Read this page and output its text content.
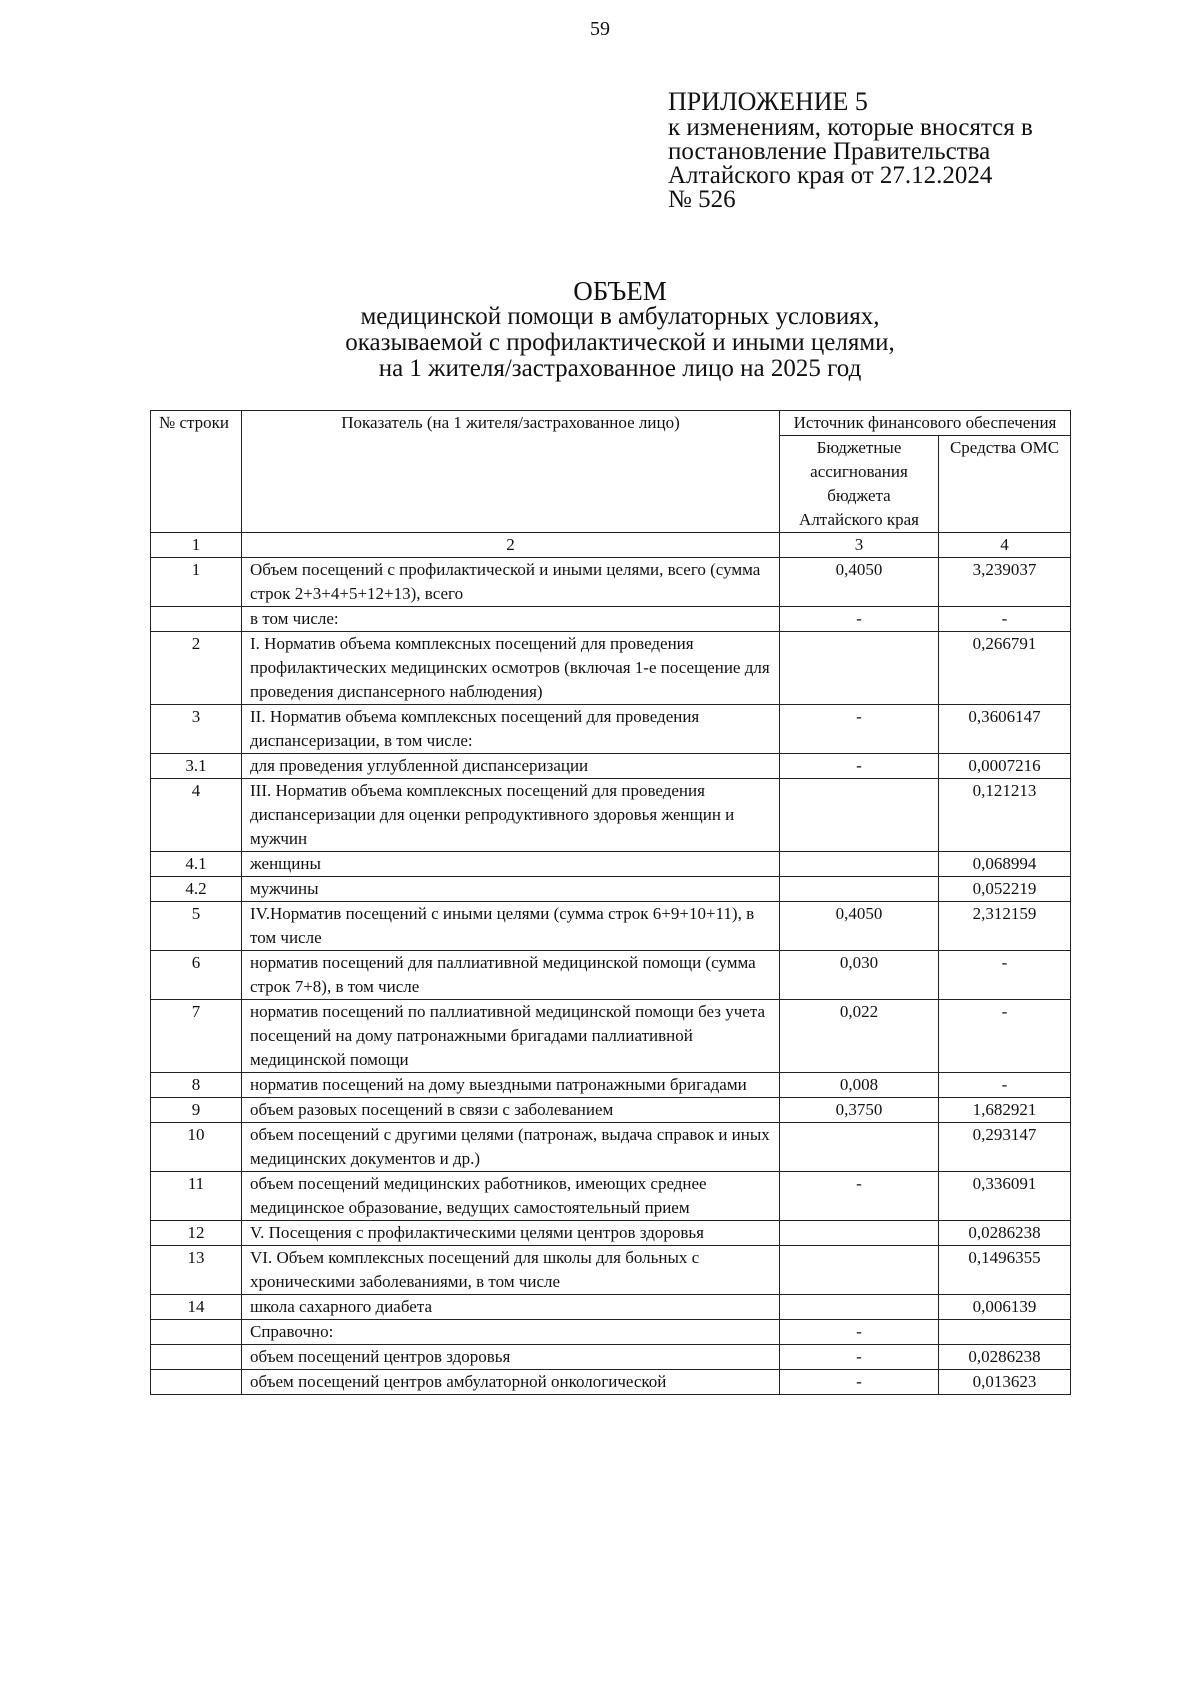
59
ПРИЛОЖЕНИЕ 5
к изменениям, которые вносятся в
постановление Правительства
Алтайского края от 27.12.2024
№ 526
ОБЪЕМ
медицинской помощи в амбулаторных условиях,
оказываемой с профилактической и иными целями,
на 1 жителя/застрахованное лицо на 2025 год
№ строки	Показатель (на 1 жителя/застрахованное лицо)	Источник финансового обеспечения	
		Бюджетные ассигнования бюджета Алтайского края	Средства ОМС
1	2	3	4
1	Объем посещений с профилактической и иными целями, всего (сумма строк 2+3+4+5+12+13), всего	0,4050	3,239037
	в том числе:	-	-
2	I. Норматив объема комплексных посещений для проведения профилактических медицинских осмотров (включая 1-е посещение для проведения диспансерного наблюдения)		0,266791
3	II. Норматив объема комплексных посещений для проведения диспансеризации, в том числе:	-	0,3606147
3.1	для проведения углубленной диспансеризации	-	0,0007216
4	III. Норматив объема комплексных посещений для проведения диспансеризации для оценки репродуктивного здоровья женщин и мужчин		0,121213
4.1	женщины		0,068994
4.2	мужчины		0,052219
5	IV.Норматив посещений с иными целями (сумма строк 6+9+10+11), в том числе	0,4050	2,312159
6	норматив посещений для паллиативной медицинской помощи (сумма строк 7+8), в том числе	0,030	-
7	норматив посещений по паллиативной медицинской помощи без учета посещений на дому патронажными бригадами паллиативной медицинской помощи	0,022	-
8	норматив посещений на дому выездными патронажными бригадами	0,008	-
9	объем разовых посещений в связи с заболеванием	0,3750	1,682921
10	объем посещений с другими целями (патронаж, выдача справок и иных медицинских документов и др.)		0,293147
11	объем посещений медицинских работников, имеющих среднее медицинское образование, ведущих самостоятельный прием	-	0,336091
12	V. Посещения с профилактическими целями центров здоровья		0,0286238
13	VI. Объем комплексных посещений для школы для больных с хроническими заболеваниями, в том числе		0,1496355
14	школа сахарного диабета		0,006139
	Справочно:	-	
	объем посещений центров здоровья	-	0,0286238
	объем посещений центров амбулаторной онкологической	-	0,013623
